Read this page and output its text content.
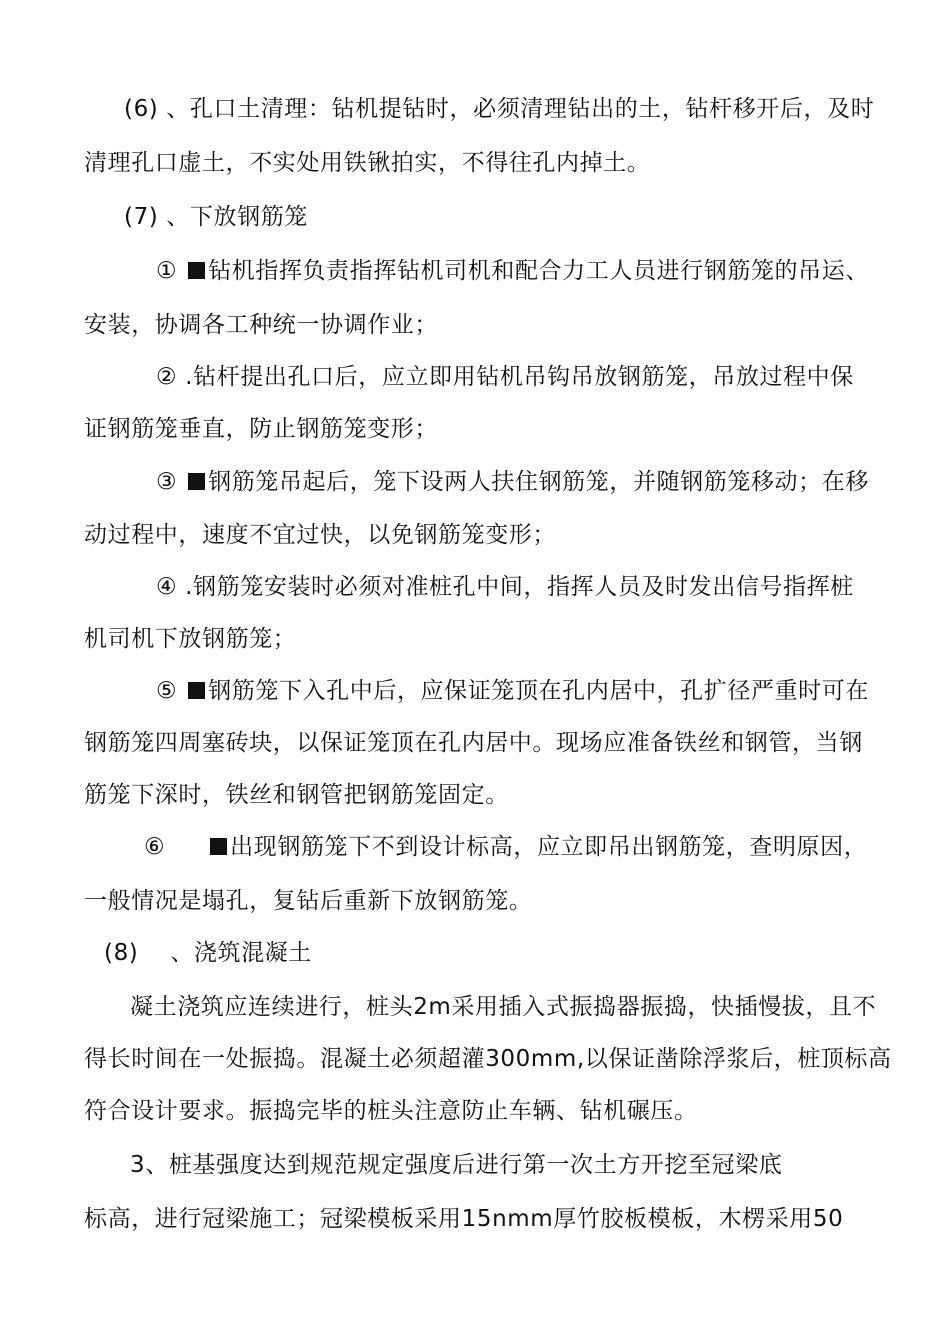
(6) 、孔口土清理：钻机提钻时，必须清理钻出的土，钻杆移开后，及时
清理孔口虚土，不实处用铁锹拍实，不得往孔内掉土。
(7) 、下放钢筋笼
① 钻机指挥负责指挥钻机司机和配合力工人员进行钢筋笼的吊运、
安装，协调各工种统一协调作业；
② .钻杆提出孔口后，应立即用钻机吊钩吊放钢筋笼，吊放过程中保
证钢筋笼垂直，防止钢筋笼变形；
③ 钢筋笼吊起后，笼下设两人扶住钢筋笼，并随钢筋笼移动；在移
动过程中，速度不宜过快，以免钢筋笼变形；
④ .钢筋笼安装时必须对准桩孔中间，指挥人员及时发出信号指挥桩
机司机下放钢筋笼；
⑤ 钢筋笼下入孔中后，应保证笼顶在孔内居中，孔扩径严重时可在
钢筋笼四周塞砖块，以保证笼顶在孔内居中。现场应准备铁丝和钢管，当钢
筋笼下深时，铁丝和钢管把钢筋笼固定。
⑥	出现钢筋笼下不到设计标高，应立即吊出钢筋笼，查明原因，
一般情况是塌孔，复钻后重新下放钢筋笼。
(8) 、浇筑混凝土
凝土浇筑应连续进行，桩头2m采用插入式振捣器振捣，快插慢拔，且不
得长时间在一处振捣。混凝土必须超灌300mm,以保证凿除浮浆后，桩顶标高
符合设计要求。振捣完毕的桩头注意防止车辆、钻机碾压。
3、桩基强度达到规范规定强度后进行第一次土方开挖至冠梁底
标高，进行冠梁施工；冠梁模板采用15nmm厚竹胶板模板，木楞采用50
